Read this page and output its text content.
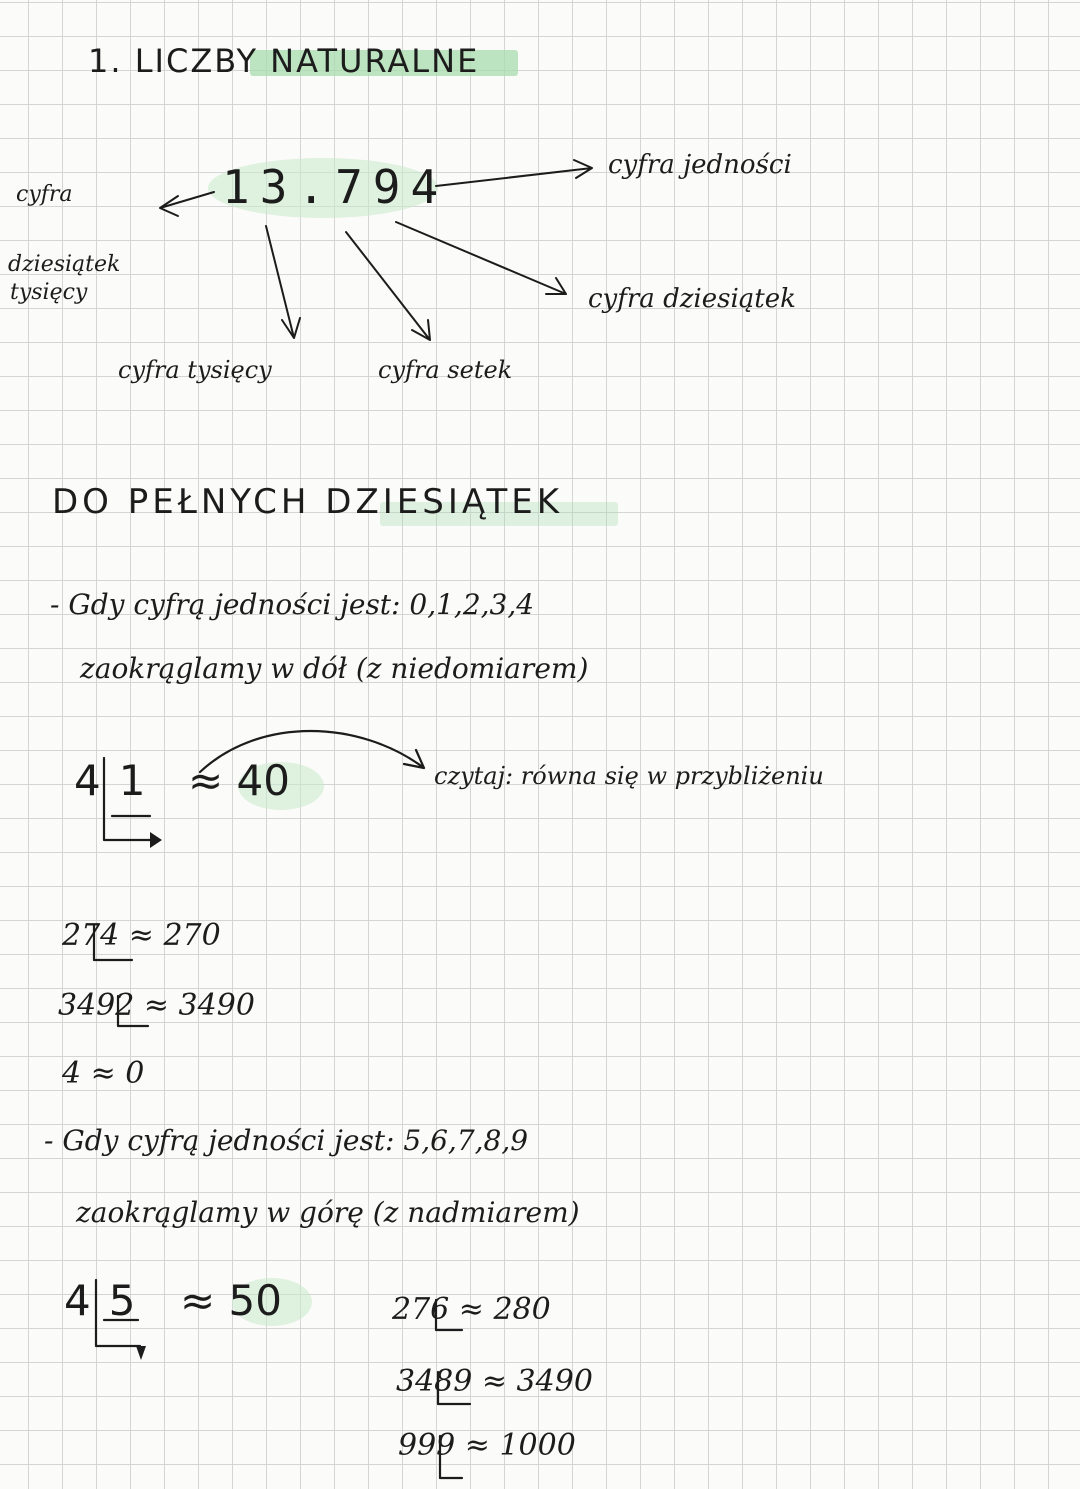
1. LICZBY NATURALNE
13.794
cyfra
dziesiątek
tysięcy
cyfra jedności
cyfra dziesiątek
cyfra tysięcy	cyfra setek
DO PEŁNYCH DZIESIĄTEK
- Gdy cyfrą jedności jest: 0,1,2,3,4
zaokrąglamy w dół (z niedomiarem)
41 ≈ 40	czytaj: równa się w przybliżeniu
274 ≈ 270
3492 ≈ 3490
4 ≈ 0
- Gdy cyfrą jedności jest: 5,6,7,8,9
zaokrąglamy w górę (z nadmiarem)
45 ≈ 50	276 ≈ 280
3489 ≈ 3490
999 ≈ 1000
